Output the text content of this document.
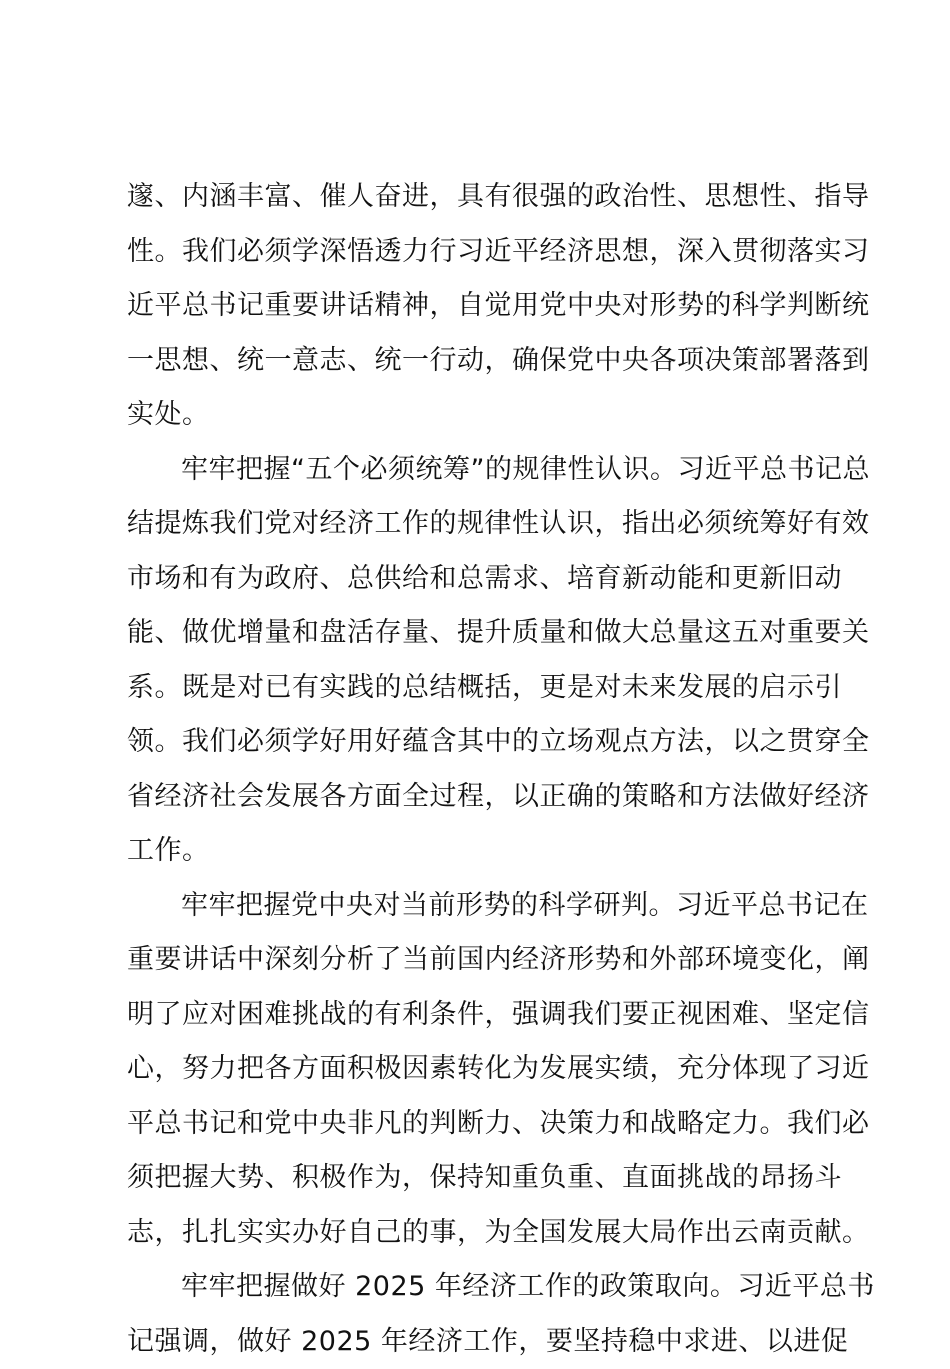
邃、内涵丰富、催人奋进，具有很强的政治性、思想性、指导
性。我们必须学深悟透力行习近平经济思想，深入贯彻落实习
近平总书记重要讲话精神，自觉用党中央对形势的科学判断统
一思想、统一意志、统一行动，确保党中央各项决策部署落到
实处。

牢牢把握“五个必须统筹”的规律性认识。习近平总书记总
结提炼我们党对经济工作的规律性认识，指出必须统筹好有效
市场和有为政府、总供给和总需求、培育新动能和更新旧动
能、做优增量和盘活存量、提升质量和做大总量这五对重要关
系。既是对已有实践的总结概括，更是对未来发展的启示引
领。我们必须学好用好蕴含其中的立场观点方法，以之贯穿全
省经济社会发展各方面全过程，以正确的策略和方法做好经济
工作。

牢牢把握党中央对当前形势的科学研判。习近平总书记在
重要讲话中深刻分析了当前国内经济形势和外部环境变化，阐
明了应对困难挑战的有利条件，强调我们要正视困难、坚定信
心，努力把各方面积极因素转化为发展实绩，充分体现了习近
平总书记和党中央非凡的判断力、决策力和战略定力。我们必
须把握大势、积极作为，保持知重负重、直面挑战的昂扬斗
志，扎扎实实办好自己的事，为全国发展大局作出云南贡献。

牢牢把握做好 2025 年经济工作的政策取向。习近平总书
记强调，做好 2025 年经济工作，要坚持稳中求进、以进促
